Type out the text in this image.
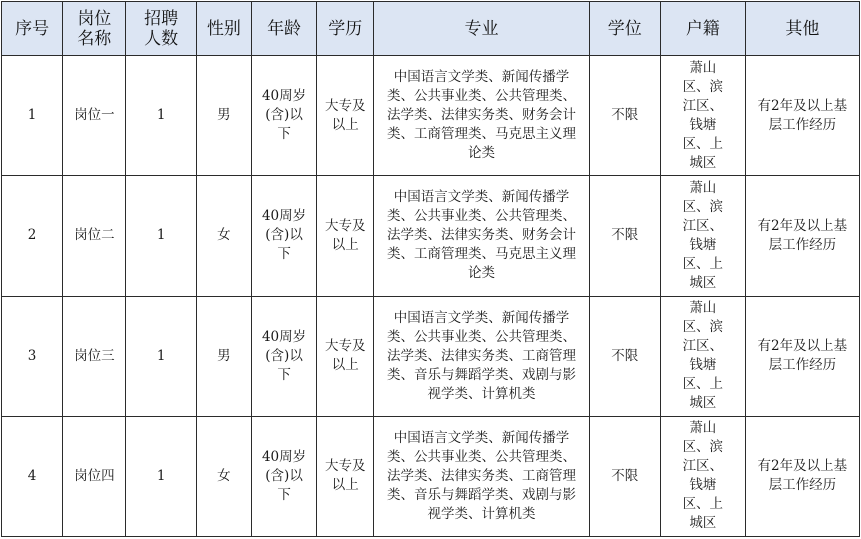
序号	岗位名称	招聘人数	性别	年龄	学历	专业	学位	户籍	其他
1	岗位一	1	男	40周岁(含)以下	大专及以上	中国语言文学类、新闻传播学类、公共事业类、公共管理类、法学类、法律实务类、财务会计类、工商管理类、马克思主义理论类	不限	萧山区、滨江区、钱塘区、上城区	有2年及以上基层工作经历
2	岗位二	1	女	40周岁(含)以下	大专及以上	中国语言文学类、新闻传播学类、公共事业类、公共管理类、法学类、法律实务类、财务会计类、工商管理类、马克思主义理论类	不限	萧山区、滨江区、钱塘区、上城区	有2年及以上基层工作经历
3	岗位三	1	男	40周岁(含)以下	大专及以上	中国语言文学类、新闻传播学类、公共事业类、公共管理类、法学类、法律实务类、工商管理类、音乐与舞蹈学类、戏剧与影视学类、计算机类	不限	萧山区、滨江区、钱塘区、上城区	有2年及以上基层工作经历
4	岗位四	1	女	40周岁(含)以下	大专及以上	中国语言文学类、新闻传播学类、公共事业类、公共管理类、法学类、法律实务类、工商管理类、音乐与舞蹈学类、戏剧与影视学类、计算机类	不限	萧山区、滨江区、钱塘区、上城区	有2年及以上基层工作经历
